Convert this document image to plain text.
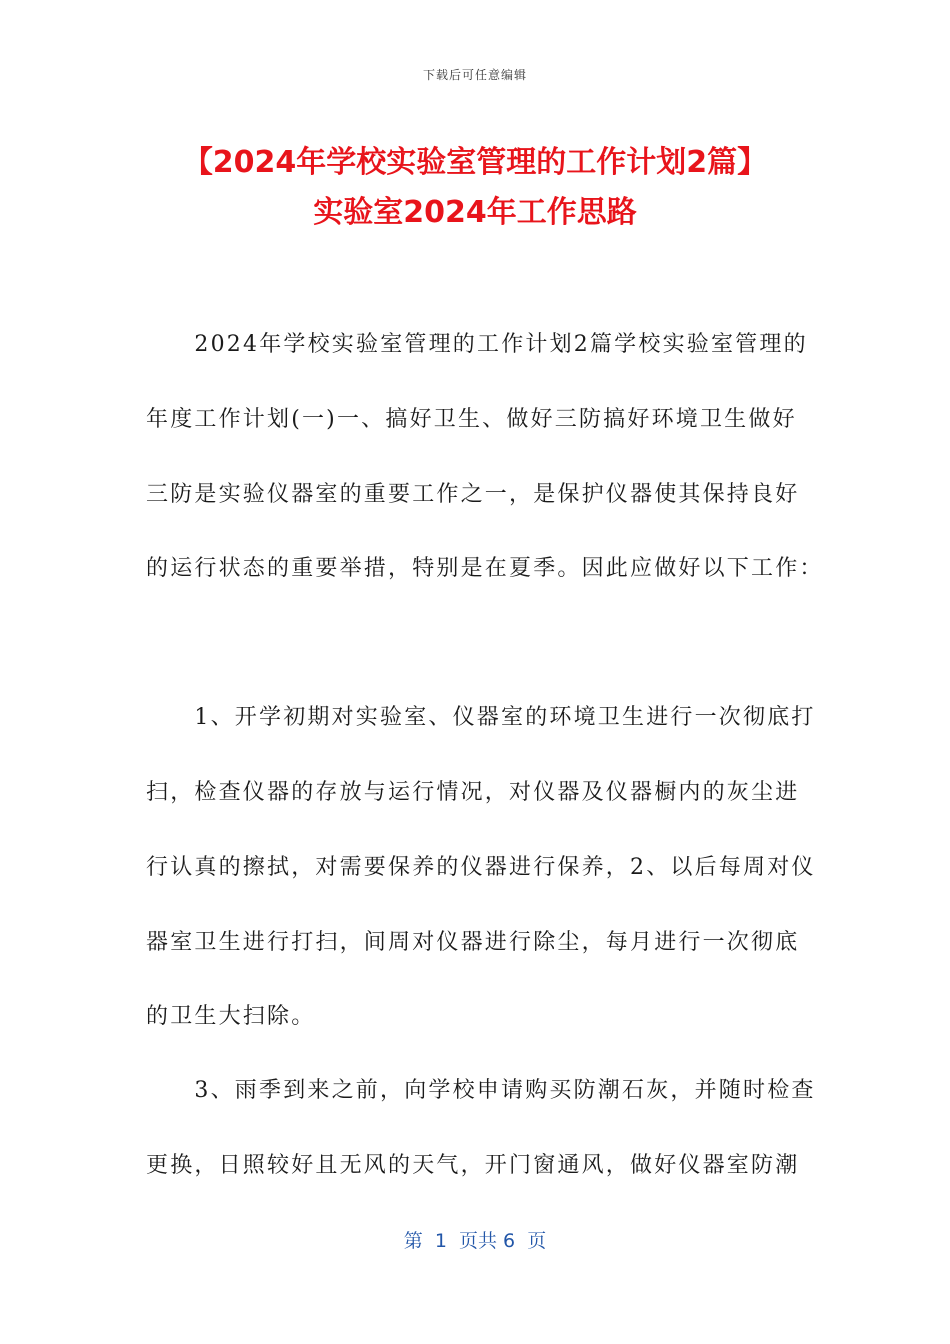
下载后可任意编辑
【2024年学校实验室管理的工作计划2篇】
实验室2024年工作思路
　　2024年学校实验室管理的工作计划2篇学校实验室管理的
年度工作计划(一)一、搞好卫生、做好三防搞好环境卫生做好
三防是实验仪器室的重要工作之一，是保护仪器使其保持良好
的运行状态的重要举措，特别是在夏季。因此应做好以下工作：
　　1、开学初期对实验室、仪器室的环境卫生进行一次彻底打
扫，检查仪器的存放与运行情况，对仪器及仪器橱内的灰尘进
行认真的擦拭，对需要保养的仪器进行保养，2、以后每周对仪
器室卫生进行打扫，间周对仪器进行除尘，每月进行一次彻底
的卫生大扫除。
　　3、雨季到来之前，向学校申请购买防潮石灰，并随时检查
更换，日照较好且无风的天气，开门窗通风，做好仪器室防潮
第  1  页共 6  页
